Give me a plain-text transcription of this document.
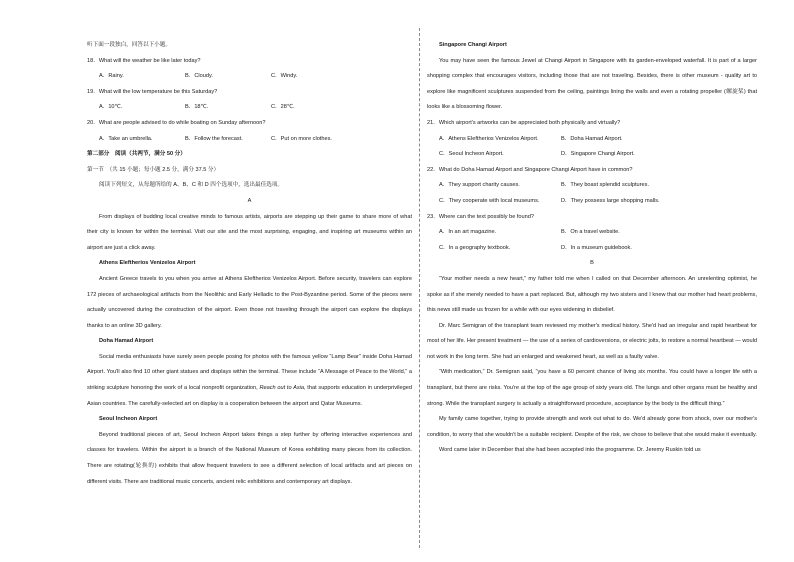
听下面一段独白，回答以下小题。

18．What will the weather be like later today?

A．Rainy.	B．Cloudy.	C．Windy.

19．What will the low temperature be this Saturday?

A．10℃.	B．18℃.	C．28℃.

20．What are people advised to do while boating on Sunday afternoon?

A．Take an umbrella.	B．Follow the forecast.	C．Put on more clothes.

第二部分　阅读（共两节，满分 50 分）

第一节　（共 15 小题；每小题 2.5 分，满分 37.5 分）

阅读下列短文，从每题所给的 A、B、C 和 D 四个选项中，选出最佳选项。

A

From displays of budding local creative minds to famous artists, airports are stepping up their game to share more of what their city is known for within the terminal. Visit our site and the most surprising, engaging, and inspiring art museums within an airport are just a click away.

Athens Eleftherios Venizelos Airport

Ancient Greece travels to you when you arrive at Athens Eleftherios Venizelos Airport. Before security, travelers can explore 172 pieces of archaeological artifacts from the Neolithic and Early Helladic to the Post-Byzantine period. Some of the pieces were actually uncovered during the construction of the airport. Even those not traveling through the airport can explore the displays thanks to an online 3D gallery.

Doha Hamad Airport

Social media enthusiasts have surely seen people posing for photos with the famous yellow “Lamp Bear” inside Doha Hamad Airport. You'll also find 10 other giant statues and displays within the terminal. These include “A Message of Peace to the World,” a striking sculpture honoring the work of a local nonprofit organization, Reach out to Asia, that supports education in underprivileged Asian countries. The carefully-selected art on display is a cooperation between the airport and Qatar Museums.

Seoul Incheon Airport

Beyond traditional pieces of art, Seoul Incheon Airport takes things a step further by offering interactive experiences and classes for travelers. Within the airport is a branch of the National Museum of Korea exhibiting many pieces from its collection. There are rotating(轮换的) exhibits that allow frequent travelers to see a different selection of local artifacts and art pieces on different visits. There are traditional music concerts, ancient relic exhibitions and contemporary art displays.

Singapore Changi Airport

You may have seen the famous Jewel at Changi Airport in Singapore with its garden-enveloped waterfall. It is part of a larger shopping complex that encourages visitors, including those that are not traveling. Besides, there is other museum - quality art to explore like magnificent sculptures suspended from the ceiling, paintings lining the walls and even a rotating propeller (螺旋桨) that looks like a blossoming flower.

21．Which airport's artworks can be appreciated both physically and virtually?

A．Athens Eleftherios Venizelos Airport.	B．Doha Hamad Airport.
C．Seoul Incheon Airport.	D．Singapore Changi Airport.

22．What do Doha Hamad Airport and Singapore Changi Airport have in common?

A．They support charity causes.	B．They boast splendid sculptures.
C．They cooperate with local museums.	D．They possess large shopping malls.

23．Where can the text possibly be found?

A．In an art magazine.	B．On a travel website.
C．In a geography textbook.	D．In a museum guidebook.

B

“Your mother needs a new heart,” my father told me when I called on that December afternoon. An unrelenting optimist, he spoke as if she merely needed to have a part replaced. But, although my two sisters and I knew that our mother had heart problems, this news still made us frozen for a while with our eyes widening in disbelief.

Dr. Marc Semigran of the transplant team reviewed my mother's medical history. She'd had an irregular and rapid heartbeat for most of her life. Her present treatment — the use of a series of cardioversions, or electric jolts, to restore a normal heartbeat — would not work in the long term. She had an enlarged and weakened heart, as well as a faulty valve.

“With medication,” Dr. Semigran said, “you have a 60 percent chance of living six months. You could have a longer life with a transplant, but there are risks. You're at the top of the age group of sixty years old. The lungs and other organs must be healthy and strong. While the transplant surgery is actually a straightforward procedure, acceptance by the body is the difficult thing.”

My family came together, trying to provide strength and work out what to do. We'd already gone from shock, over our mother's condition, to worry that she wouldn't be a suitable recipient. Despite of the risk, we chose to believe that she would make it eventually.

Word came later in December that she had been accepted into the programme. Dr. Jeremy Ruskin told us
